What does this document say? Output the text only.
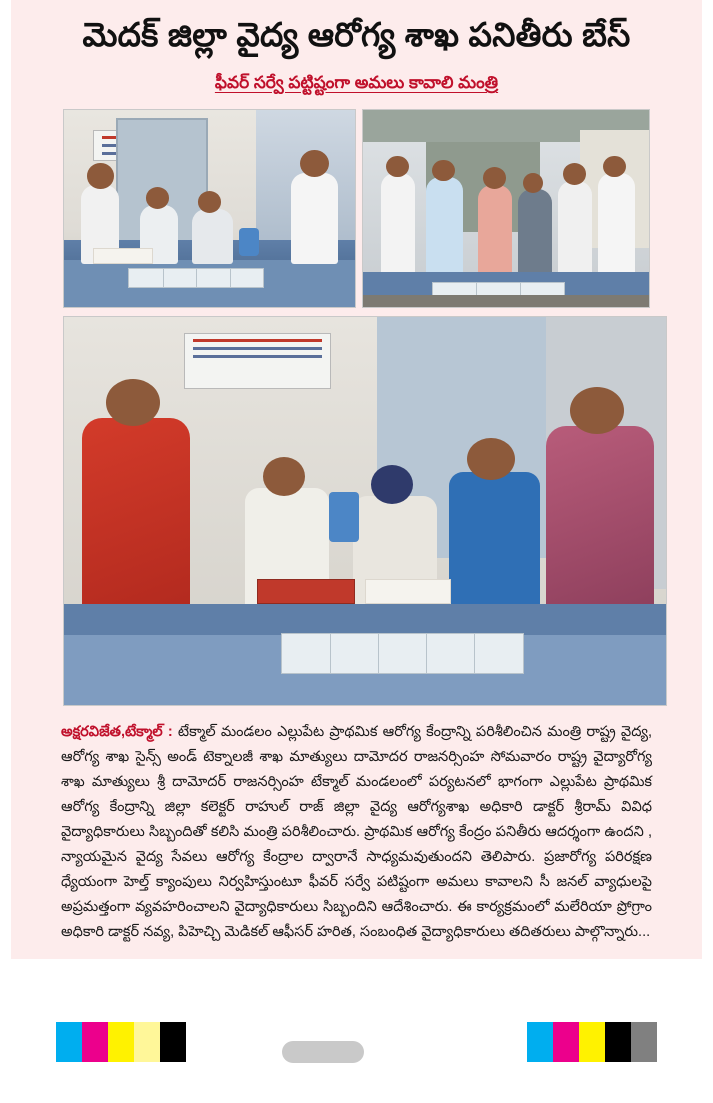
మెదక్ జిల్లా వైద్య ఆరోగ్య శాఖ పనితీరు బేస్
ఫీవర్ సర్వే పట్టిష్టంగా అమలు కావాలి మంత్రి
అక్షరవిజేత,టేక్మాల్ : టేక్మాల్ మండలం ఎల్లుపేట ప్రాథమిక ఆరోగ్య కేంద్రాన్ని పరిశీలించిన మంత్రి రాష్ట్ర వైద్య, ఆరోగ్య శాఖ సైన్స్ అండ్ టెక్నాలజీ శాఖ మాత్యులు దామోదర రాజనర్సింహ సోమవారం రాష్ట్ర వైద్యారోగ్య శాఖ మాత్యులు శ్రీ దామోదర్ రాజనర్సింహ టేక్మాల్ మండలంలో పర్యటనలో భాగంగా ఎల్లుపేట ప్రాథమిక ఆరోగ్య కేంద్రాన్ని జిల్లా కలెక్టర్ రాహుల్ రాజ్ జిల్లా వైద్య ఆరోగ్యశాఖ అధికారి డాక్టర్ శ్రీరామ్ వివిధ వైద్యాధికారులు సిబ్బందితో కలిసి మంత్రి పరిశీలించారు. ప్రాథమిక ఆరోగ్య కేంద్రం పనితీరు ఆదర్శంగా ఉందని , న్యాయమైన వైద్య సేవలు ఆరోగ్య కేంద్రాల ద్వారానే సాధ్యమవుతుందని తెలిపారు. ప్రజారోగ్య పరిరక్షణ ధ్యేయంగా హెల్త్ క్యాంపులు నిర్వహిస్తుంటూ ఫీవర్ సర్వే పటిష్టంగా అమలు కావాలని సీ జనల్ వ్యాధులపై అప్రమత్తంగా వ్యవహరించాలని వైద్యాధికారులు సిబ్బందిని ఆదేశించారు. ఈ కార్యక్రమంలో మలేరియా ప్రోగ్రాం అధికారి డాక్టర్ నవ్య, పిహెచ్చి మెడికల్ ఆఫీసర్ హరిత, సంబంధిత వైద్యాధికారులు తదితరులు పాల్గొన్నారు...
